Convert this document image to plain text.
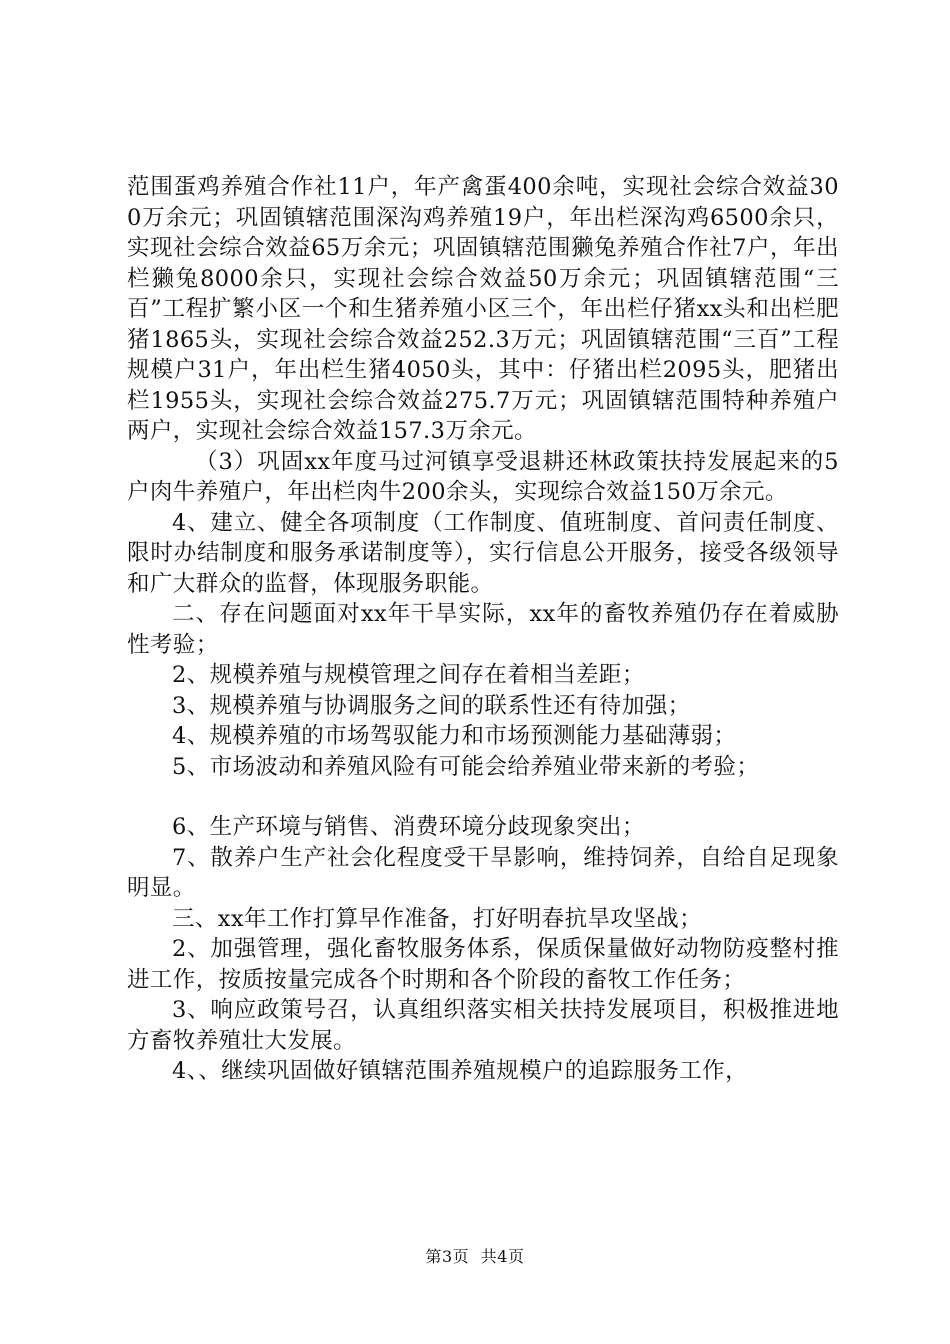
范围蛋鸡养殖合作社11户，年产禽蛋400余吨，实现社会综合效益300万余元；巩固镇辖范围深沟鸡养殖19户，年出栏深沟鸡6500余只，实现社会综合效益65万余元；巩固镇辖范围獭兔养殖合作社7户，年出栏獭兔8000余只，实现社会综合效益50万余元；巩固镇辖范围“三百”工程扩繁小区一个和生猪养殖小区三个，年出栏仔猪xx头和出栏肥猪1865头，实现社会综合效益252.3万元；巩固镇辖范围“三百”工程规模户31户，年出栏生猪4050头，其中：仔猪出栏2095头，肥猪出栏1955头，实现社会综合效益275.7万元；巩固镇辖范围特种养殖户两户，实现社会综合效益157.3万余元。

（3）巩固xx年度马过河镇享受退耕还林政策扶持发展起来的5户肉牛养殖户，年出栏肉牛200余头，实现综合效益150万余元。

4、建立、健全各项制度（工作制度、值班制度、首问责任制度、限时办结制度和服务承诺制度等），实行信息公开服务，接受各级领导和广大群众的监督，体现服务职能。

二、存在问题面对xx年干旱实际，xx年的畜牧养殖仍存在着威胁性考验；

2、规模养殖与规模管理之间存在着相当差距；

3、规模养殖与协调服务之间的联系性还有待加强；

4、规模养殖的市场驾驭能力和市场预测能力基础薄弱；

5、市场波动和养殖风险有可能会给养殖业带来新的考验；

6、生产环境与销售、消费环境分歧现象突出；

7、散养户生产社会化程度受干旱影响，维持饲养，自给自足现象明显。

三、xx年工作打算早作准备，打好明春抗旱攻坚战；

2、加强管理，强化畜牧服务体系，保质保量做好动物防疫整村推进工作，按质按量完成各个时期和各个阶段的畜牧工作任务；

3、响应政策号召，认真组织落实相关扶持发展项目，积极推进地方畜牧养殖壮大发展。

4、、继续巩固做好镇辖范围养殖规模户的追踪服务工作，

第3页 共4页
